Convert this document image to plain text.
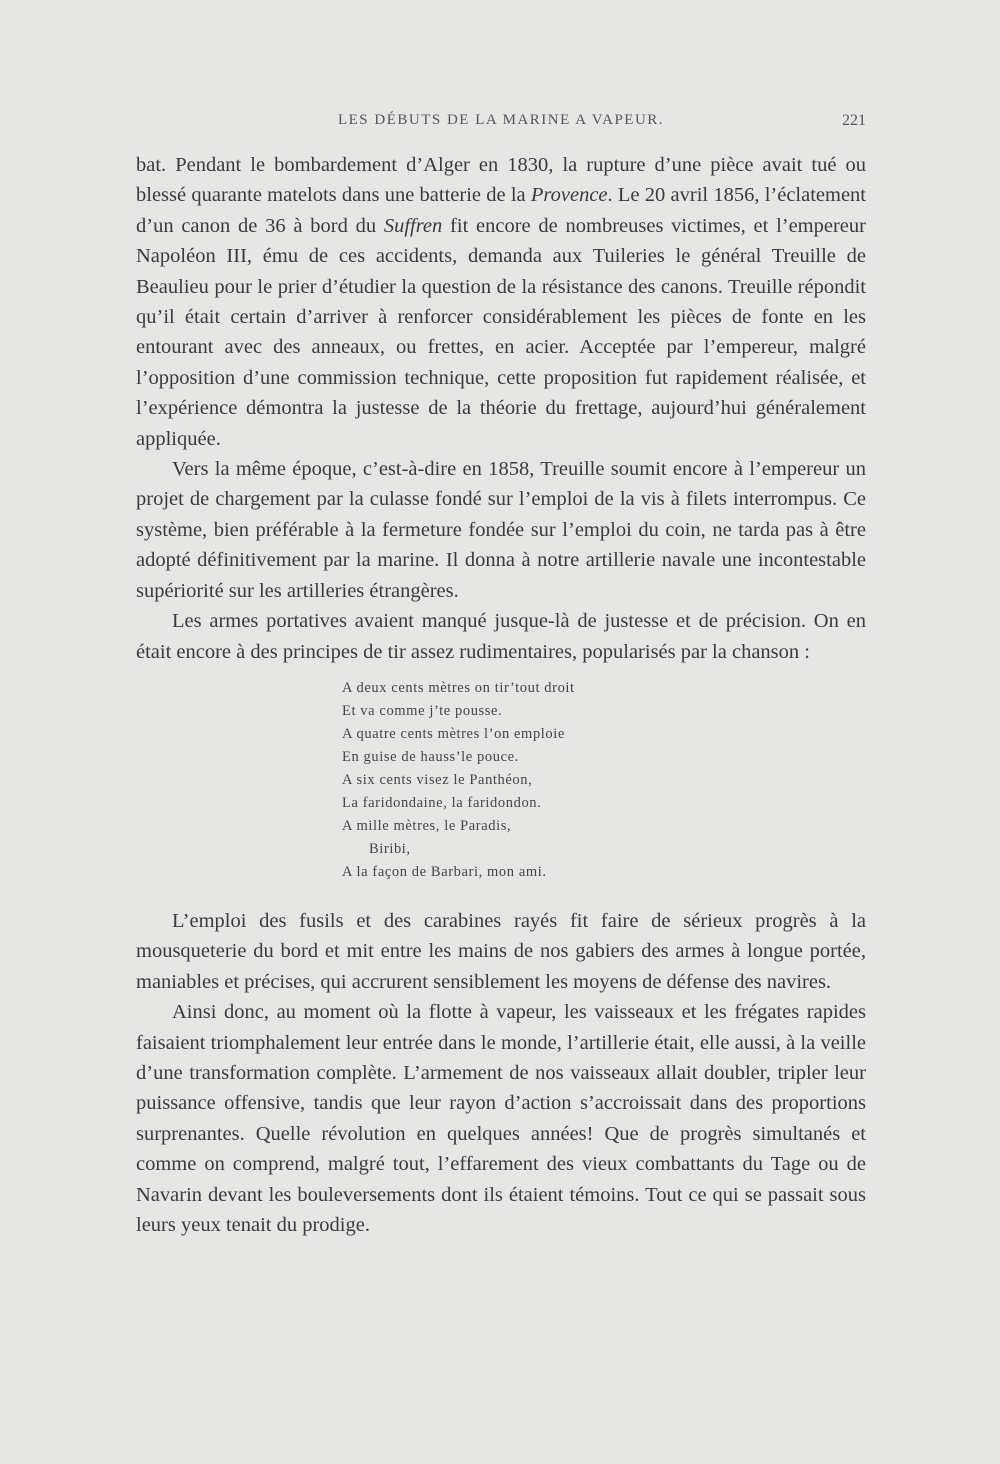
LES DÉBUTS DE LA MARINE A VAPEUR.	221

bat. Pendant le bombardement d’Alger en 1830, la rupture d’une pièce avait tué ou blessé quarante matelots dans une batterie de la Provence. Le 20 avril 1856, l’éclatement d’un canon de 36 à bord du Suffren fit encore de nombreuses victimes, et l’empereur Napoléon III, ému de ces accidents, demanda aux Tuileries le général Treuille de Beaulieu pour le prier d’étudier la question de la résistance des canons. Treuille répondit qu’il était certain d’arriver à renforcer considérablement les pièces de fonte en les entourant avec des anneaux, ou frettes, en acier. Acceptée par l’empereur, malgré l’opposition d’une commission technique, cette proposition fut rapidement réalisée, et l’expérience démontra la justesse de la théorie du frettage, aujourd’hui généralement appliquée.

Vers la même époque, c’est-à-dire en 1858, Treuille soumit encore à l’empereur un projet de chargement par la culasse fondé sur l’emploi de la vis à filets interrompus. Ce système, bien préférable à la fermeture fondée sur l’emploi du coin, ne tarda pas à être adopté définitivement par la marine. Il donna à notre artillerie navale une incontestable supériorité sur les artilleries étrangères.

Les armes portatives avaient manqué jusque-là de justesse et de précision. On en était encore à des principes de tir assez rudimentaires, popularisés par la chanson :

A deux cents mètres on tir’tout droit
Et va comme j’te pousse.
A quatre cents mètres l’on emploie
En guise de hauss’le pouce.
A six cents visez le Panthéon,
La faridondaine, la faridondon.
A mille mètres, le Paradis,
Biribi,
A la façon de Barbari, mon ami.

L’emploi des fusils et des carabines rayés fit faire de sérieux progrès à la mousqueterie du bord et mit entre les mains de nos gabiers des armes à longue portée, maniables et précises, qui accrurent sensiblement les moyens de défense des navires.

Ainsi donc, au moment où la flotte à vapeur, les vaisseaux et les frégates rapides faisaient triomphalement leur entrée dans le monde, l’artillerie était, elle aussi, à la veille d’une transformation complète. L’armement de nos vaisseaux allait doubler, tripler leur puissance offensive, tandis que leur rayon d’action s’accroissait dans des proportions surprenantes. Quelle révolution en quelques années! Que de progrès simultanés et comme on comprend, malgré tout, l’effarement des vieux combattants du Tage ou de Navarin devant les bouleversements dont ils étaient témoins. Tout ce qui se passait sous leurs yeux tenait du prodige.
